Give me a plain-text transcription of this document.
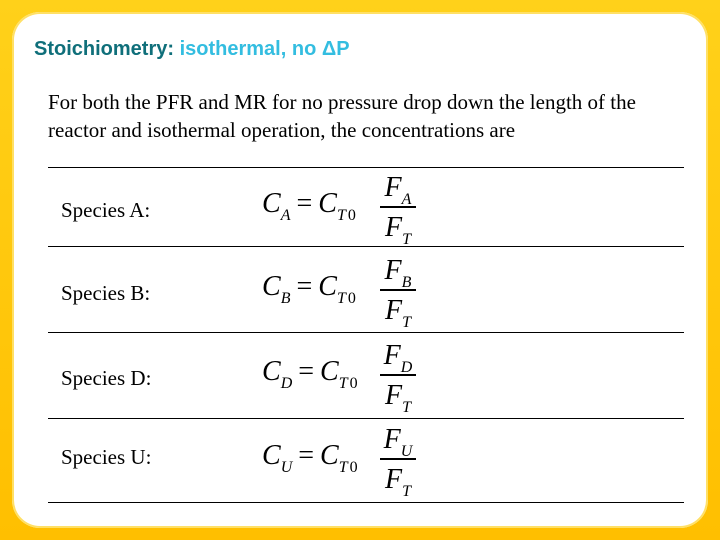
Stoichiometry: isothermal, no ΔP
For both the PFR and MR for no pressure drop down the length of the reactor and isothermal operation, the concentrations are
Species A:	$C_A = C_T$ $_0$
$F_A$
$F_T$
Species B:	$C_B = C_T$ $_0$
$F_B$
$F_T$
Species D:	$C_D = C_T$ $_0$
$F_D$
$F_T$
Species U:	$C_U = C_T$ $_0$
$F_U$
$F_T$
